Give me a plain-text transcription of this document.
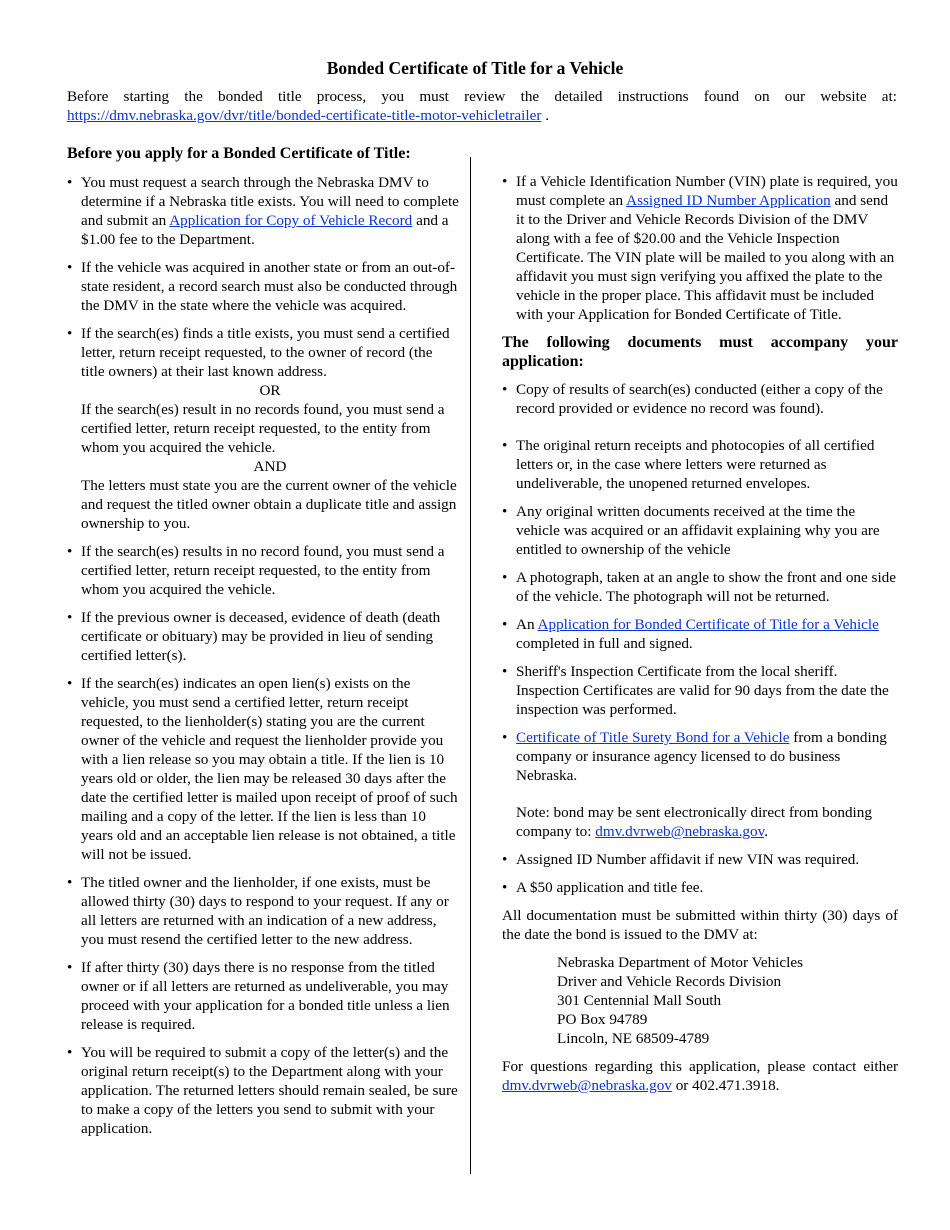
Bonded Certificate of Title for a Vehicle
Before starting the bonded title process, you must review the detailed instructions found on our website at: https://dmv.nebraska.gov/dvr/title/bonded-certificate-title-motor-vehicletrailer .

Before you apply for a Bonded Certificate of Title:

• You must request a search through the Nebraska DMV to determine if a Nebraska title exists. You will need to complete and submit an Application for Copy of Vehicle Record and a $1.00 fee to the Department.
• If the vehicle was acquired in another state or from an out-of-state resident, a record search must also be conducted through the DMV in the state where the vehicle was acquired.
• If the search(es) finds a title exists, you must send a certified letter, return receipt requested, to the owner of record (the title owners) at their last known address.
OR
If the search(es) result in no records found, you must send a certified letter, return receipt requested, to the entity from whom you acquired the vehicle.
AND
The letters must state you are the current owner of the vehicle and request the titled owner obtain a duplicate title and assign ownership to you.
• If the search(es) results in no record found, you must send a certified letter, return receipt requested, to the entity from whom you acquired the vehicle.
• If the previous owner is deceased, evidence of death (death certificate or obituary) may be provided in lieu of sending certified letter(s).
• If the search(es) indicates an open lien(s) exists on the vehicle, you must send a certified letter, return receipt requested, to the lienholder(s) stating you are the current owner of the vehicle and request the lienholder provide you with a lien release so you may obtain a title. If the lien is 10 years old or older, the lien may be released 30 days after the date the certified letter is mailed upon receipt of proof of such mailing and a copy of the letter. If the lien is less than 10 years old and an acceptable lien release is not obtained, a title will not be issued.
• The titled owner and the lienholder, if one exists, must be allowed thirty (30) days to respond to your request. If any or all letters are returned with an indication of a new address, you must resend the certified letter to the new address.
• If after thirty (30) days there is no response from the titled owner or if all letters are returned as undeliverable, you may proceed with your application for a bonded title unless a lien release is required.
• You will be required to submit a copy of the letter(s) and the original return receipt(s) to the Department along with your application. The returned letters should remain sealed, be sure to make a copy of the letters you send to submit with your application.
• If a Vehicle Identification Number (VIN) plate is required, you must complete an Assigned ID Number Application and send it to the Driver and Vehicle Records Division of the DMV along with a fee of $20.00 and the Vehicle Inspection Certificate. The VIN plate will be mailed to you along with an affidavit you must sign verifying you affixed the plate to the vehicle in the proper place. This affidavit must be included with your Application for Bonded Certificate of Title.

The following documents must accompany your application:

• Copy of results of search(es) conducted (either a copy of the record provided or evidence no record was found).
• The original return receipts and photocopies of all certified letters or, in the case where letters were returned as undeliverable, the unopened returned envelopes.
• Any original written documents received at the time the vehicle was acquired or an affidavit explaining why you are entitled to ownership of the vehicle
• A photograph, taken at an angle to show the front and one side of the vehicle. The photograph will not be returned.
• An Application for Bonded Certificate of Title for a Vehicle completed in full and signed.
• Sheriff's Inspection Certificate from the local sheriff. Inspection Certificates are valid for 90 days from the date the inspection was performed.
• Certificate of Title Surety Bond for a Vehicle from a bonding company or insurance agency licensed to do business Nebraska.
Note: bond may be sent electronically direct from bonding company to: dmv.dvrweb@nebraska.gov.
• Assigned ID Number affidavit if new VIN was required.
• A $50 application and title fee.

All documentation must be submitted within thirty (30) days of the date the bond is issued to the DMV at:

Nebraska Department of Motor Vehicles
Driver and Vehicle Records Division
301 Centennial Mall South
PO Box 94789
Lincoln, NE 68509-4789

For questions regarding this application, please contact either dmv.dvrweb@nebraska.gov or 402.471.3918.
